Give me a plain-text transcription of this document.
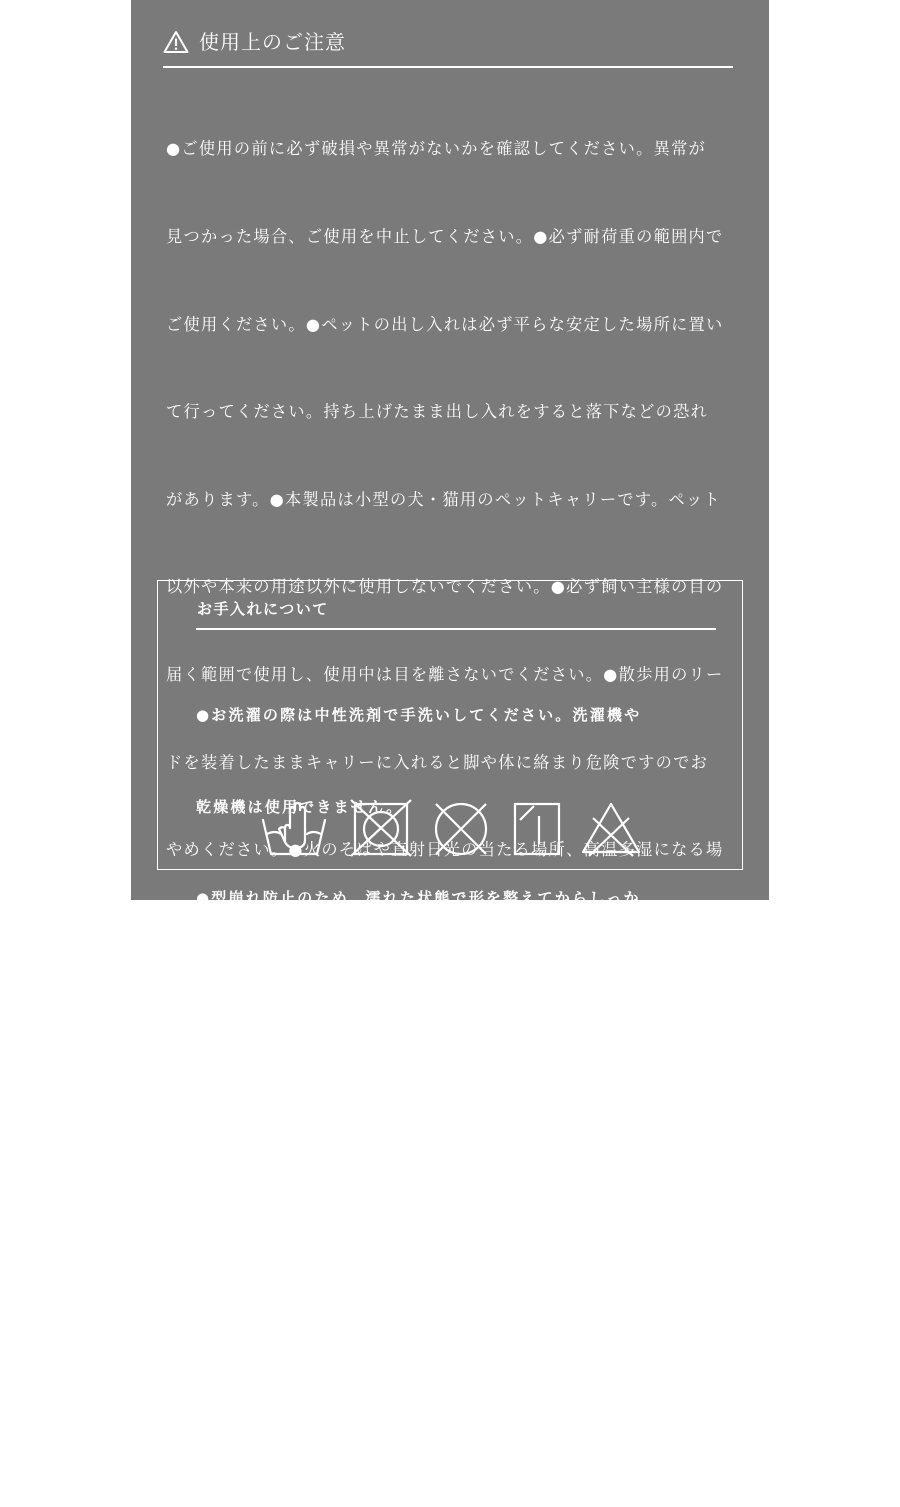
使用上のご注意

●ご使用の前に必ず破損や異常がないかを確認してください。異常が

見つかった場合、ご使用を中止してください。●必ず耐荷重の範囲内で

ご使用ください。●ペットの出し入れは必ず平らな安定した場所に置い

て行ってください。持ち上げたまま出し入れをすると落下などの恐れ

があります。●本製品は小型の犬・猫用のペットキャリーです。ペット

以外や本来の用途以外に使用しないでください。●必ず飼い主様の目の

届く範囲で使用し、使用中は目を離さないでください。●散歩用のリー

ドを装着したままキャリーに入れると脚や体に絡まり危険ですのでお

やめください。●火のそばや直射日光の当たる場所、高温多湿になる場

所に置かないでください。●本製品を踏んだり、重いものを載せたりし

ないでください。怪我や破損の原因となる恐れがあります。●飛び出し

防止ベルトを装着し、ジッパーがしっかり閉じていることを確認して

から持ち運んでください。●移動の際はペットの体調に注意してくださ

い。特に夏場や車内で使用する際は熱中症に注意してください。●製品

の仕様、デザイン、および本書の内容は予告なく変更する場合がござ

いますので、ご了承ください。

お手入れについて

●お洗濯の際は中性洗剤で手洗いしてください。洗濯機や

乾燥機は使用できません。

●型崩れ防止のため、濡れた状態で形を整えてからしっか

りと乾燥させてください。

※色落ちや色移りする場合がありますのでご注意ください。
